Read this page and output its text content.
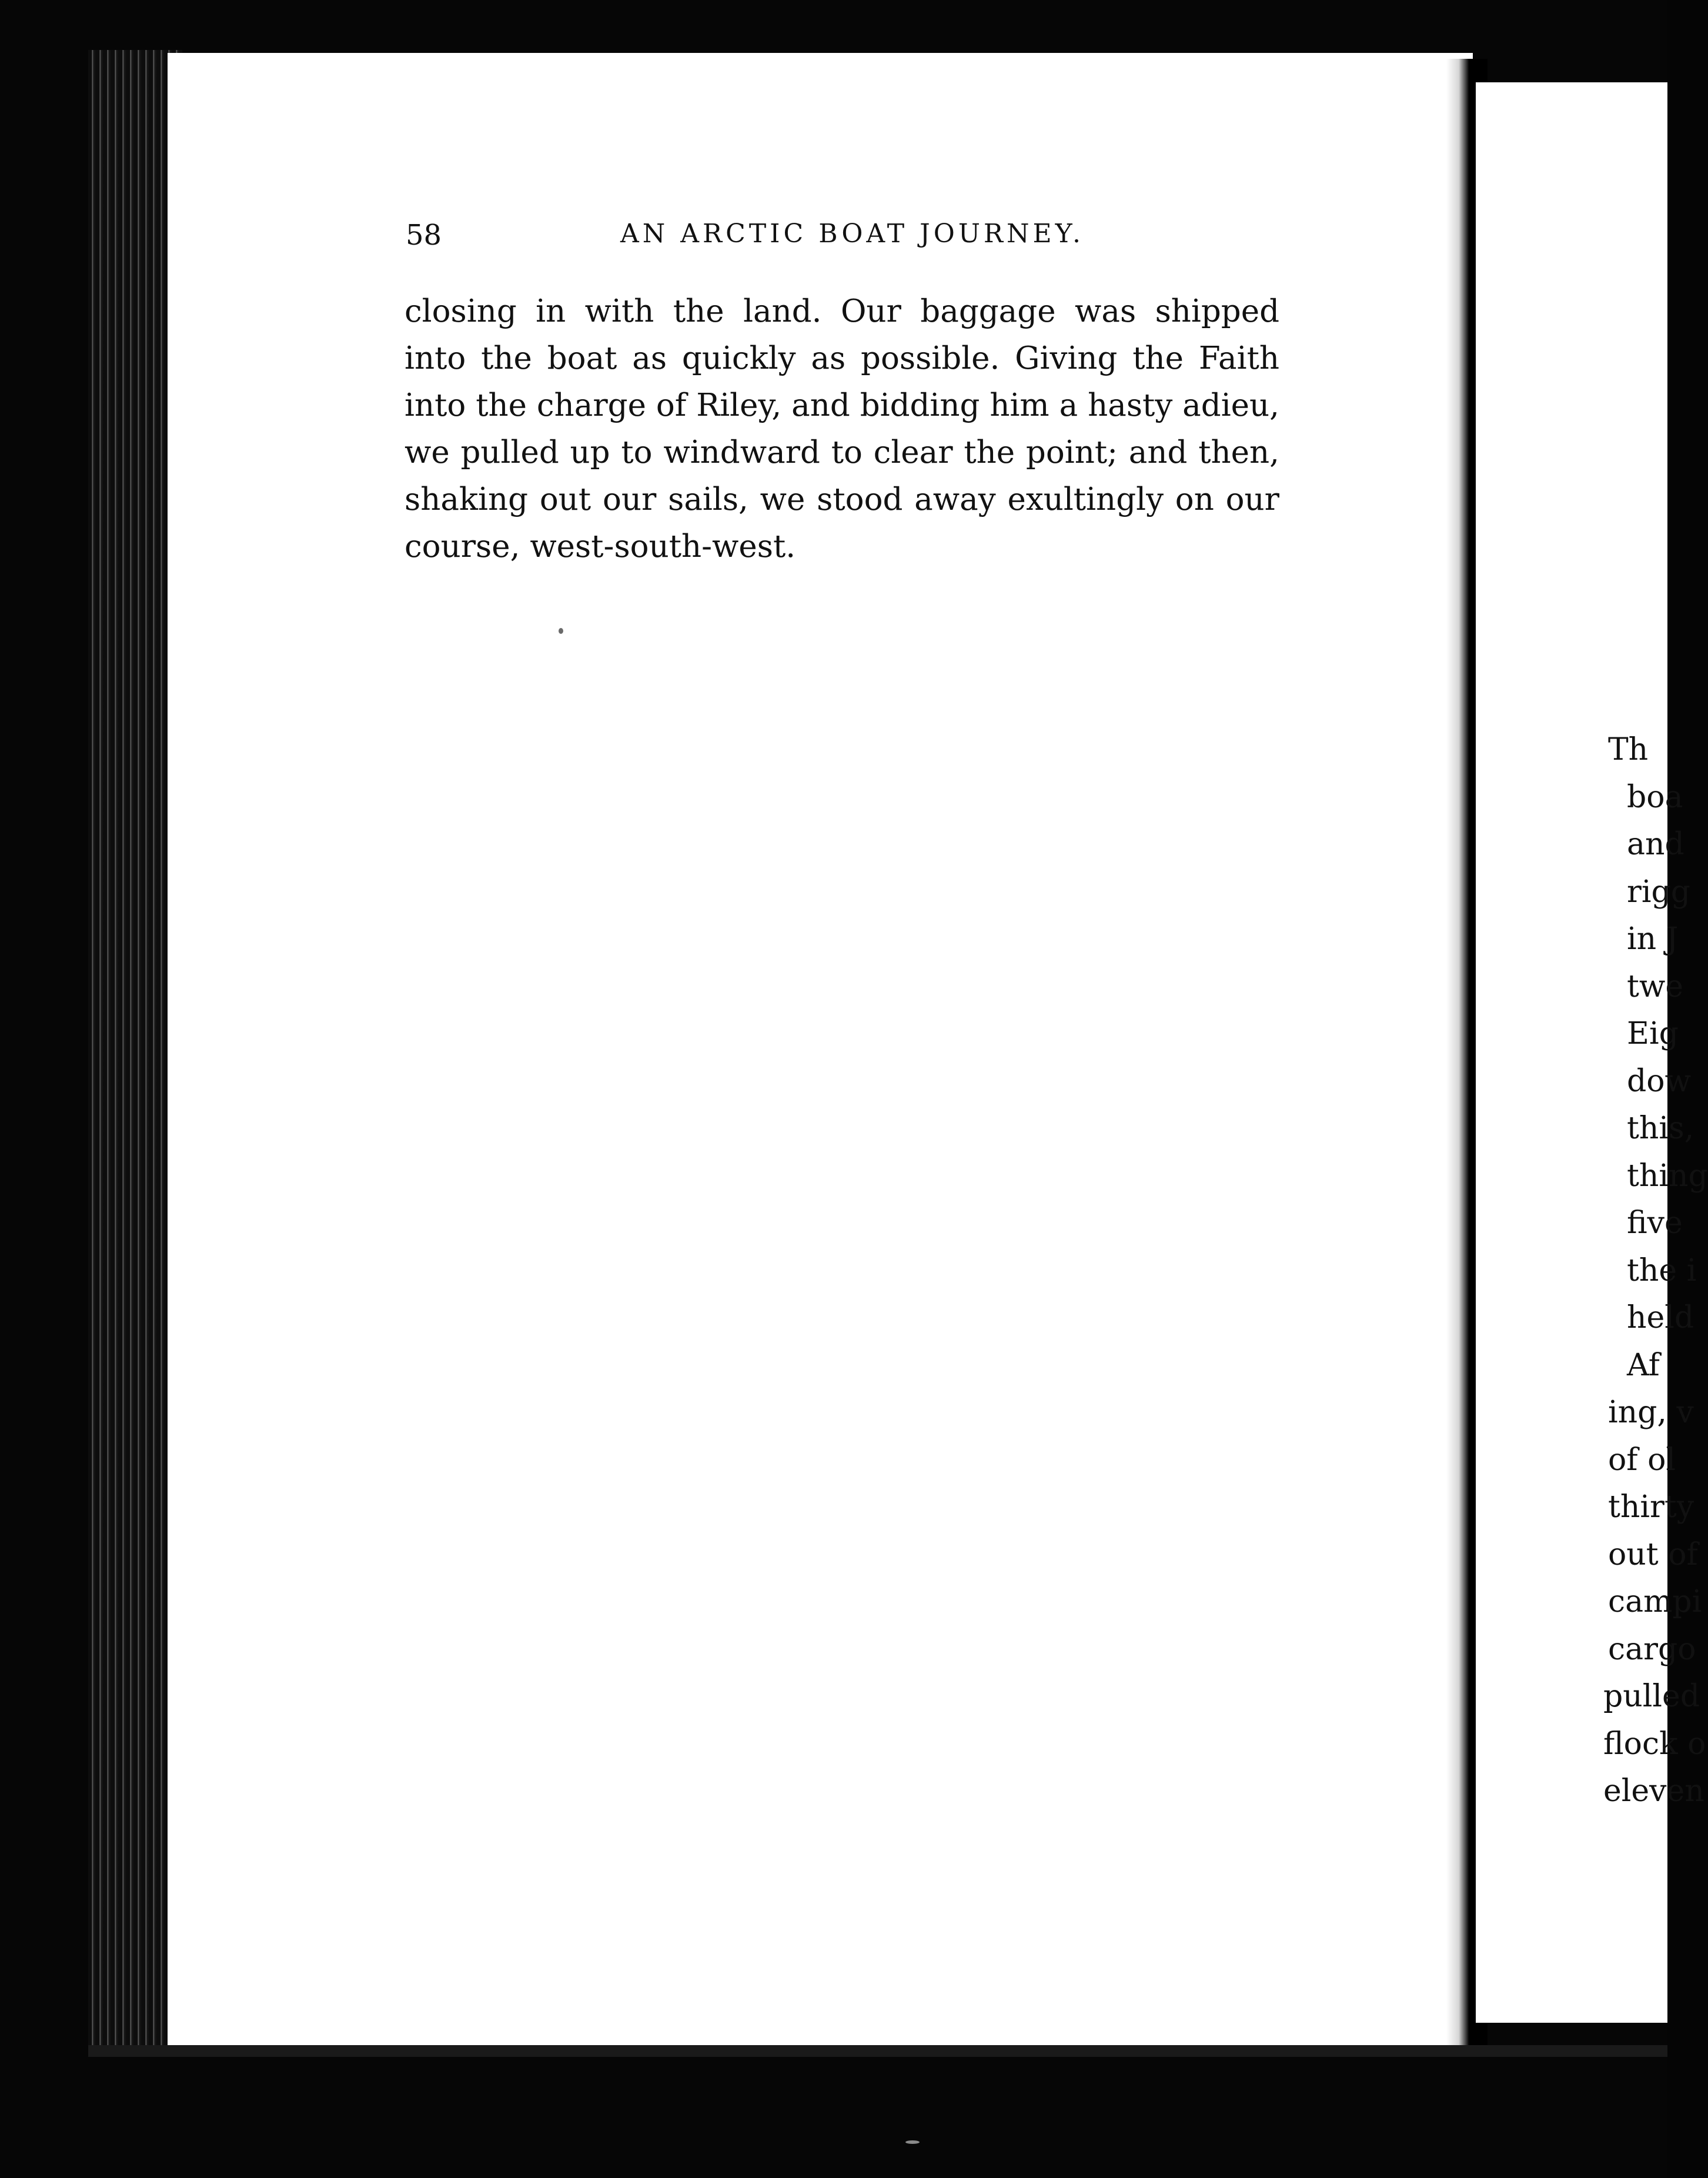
58	AN ARCTIC BOAT JOURNEY.
closing in with the land. Our baggage was shipped
into the boat as quickly as possible. Giving the Faith
into the charge of Riley, and bidding him a hasty adieu,
we pulled up to windward to clear the point; and then,
shaking out our sails, we stood away exultingly on our
course, west-south-west.
Th
boa
and
rigg
in J
twe
Eig
dow
this,
thing
five
the i
held
Af
ing, v
of ol
thirty
out of
campi
cargo
pulled
flock o
eleven
